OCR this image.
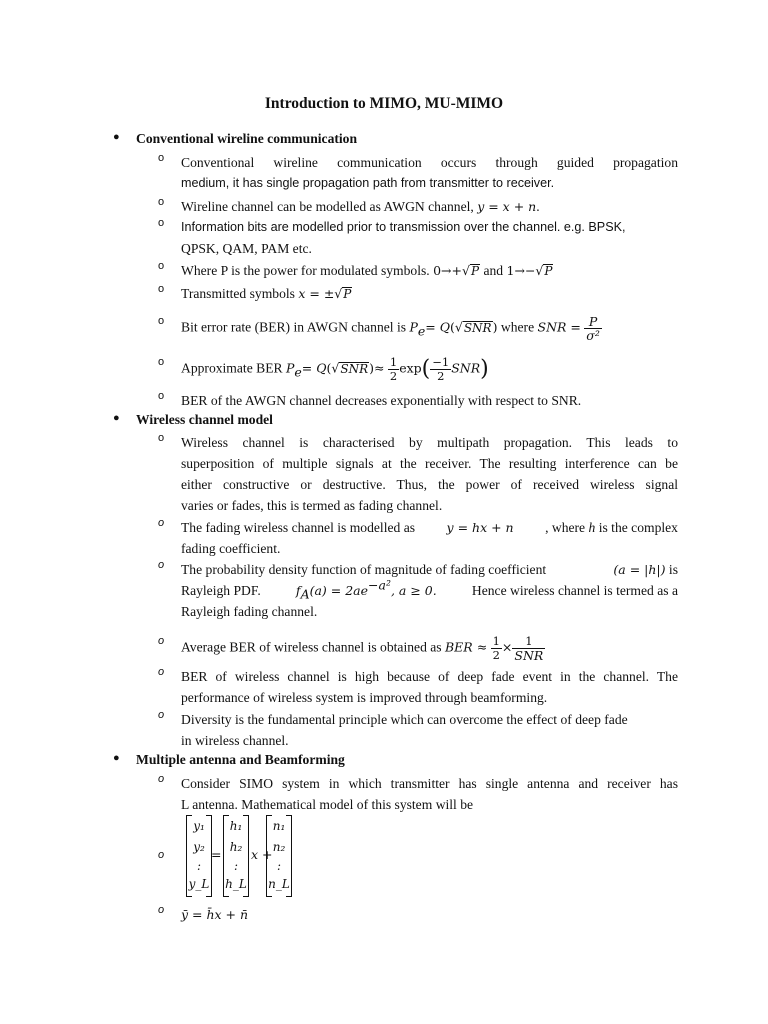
Introduction to MIMO, MU-MIMO
● Conventional wireline communication
o Conventional wireline communication occurs through guided propagation
medium, it has single propagation path from transmitter to receiver.
o Wireline channel can be modelled as AWGN channel, y = x + n.
o Information bits are modelled prior to transmission over the channel. e.g. BPSK,
QPSK, QAM, PAM etc.
o Where P is the power for modulated symbols. 0→+√P and 1→−√P
o Transmitted symbols x = ±√P
o Bit error rate (BER) in AWGN channel is $P_e= Q(√SNR)$ where SNR = $\frac{P}{\text{σ²}}$
o Approximate BER $P_e= Q(√SNR)\approx \frac{1}{2} \exp( \frac{-1}{2} SNR)$
o BER of the AWGN channel decreases exponentially with respect to SNR.
● Wireless channel model
o Wireless channel is characterised by multipath propagation. This leads to
superposition of multiple signals at the receiver. The resulting interference can be
either constructive or destructive. Thus, the power of received wireless signal
varies or fades, this is termed as fading channel.
o The fading wireless channel is modelled as	y = hx + n , where h is the complex
fading coefficient.
o The probability density function of magnitude of fading coefficient	(a = |h|) is
Rayleigh PDF.	$f_A(a) = 2ae^{-a^2}$, a ≥ 0.	Hence wireless channel is termed as a
Rayleigh fading channel.
o Average BER of wireless channel is obtained as BER ≈ $\frac{1}{2} \times \frac{1}{\text{SNR}}$
o BER of wireless channel is high because of deep fade event in the channel. The
performance of wireless system is improved through beamforming.
o Diversity is the fundamental principle which can overcome the effect of deep fade
in wireless channel.
● Multiple antenna and Beamforming
o Consider SIMO system in which transmitter has single antenna and receiver has
L antenna. Mathematical model of this system will be
o
y₁
y₂
:
y_L
=
h₁
h₂
:
h_L
x +
n₁
n₂
:
n_L
o ȳ = h̄x + n̄
